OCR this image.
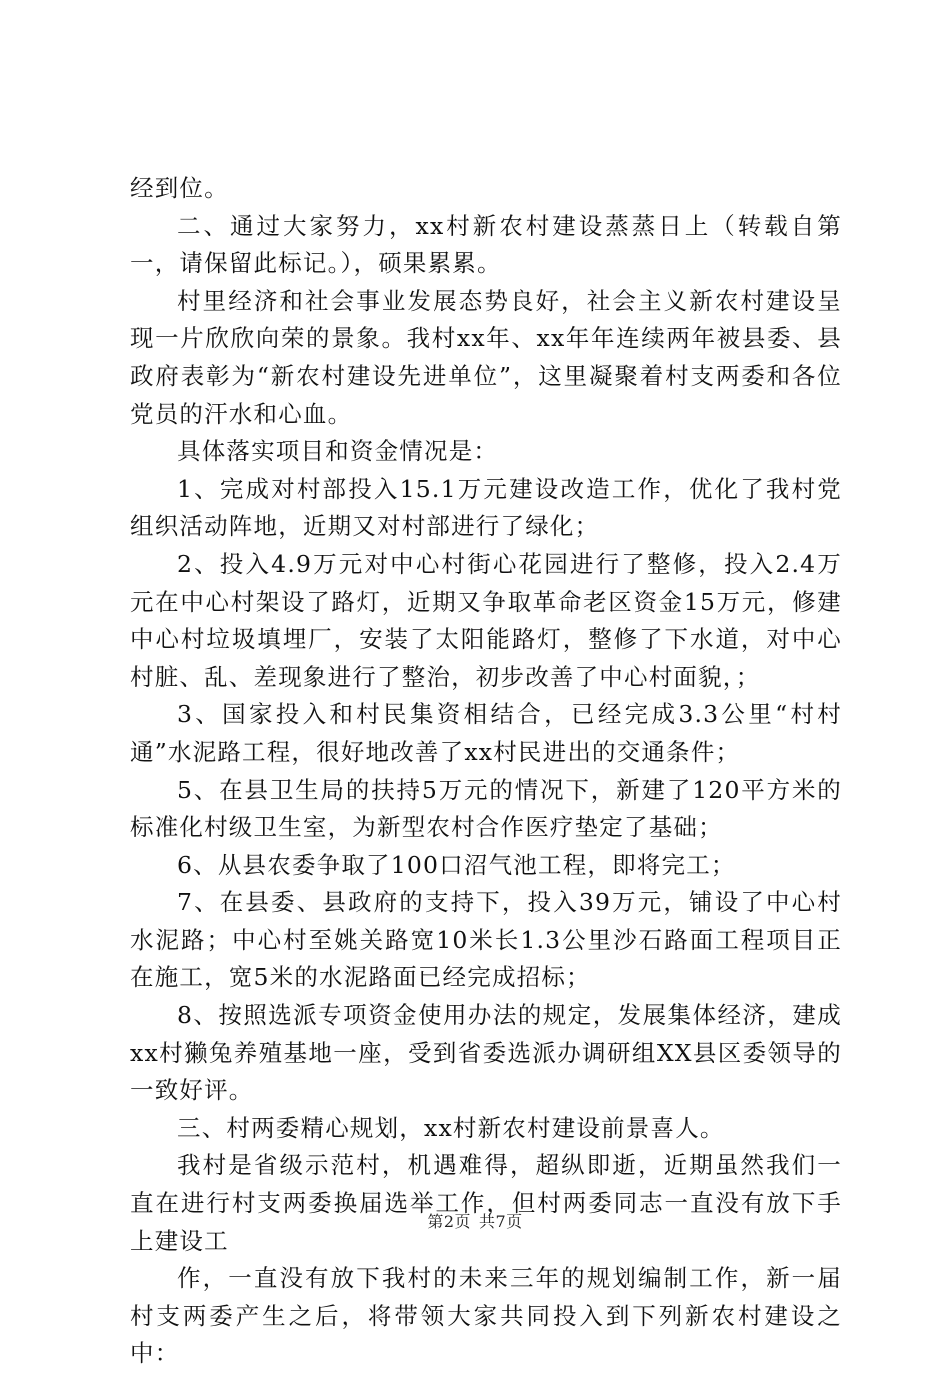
经到位。

二、通过大家努力，xx村新农村建设蒸蒸日上（转载自第一，请保留此标记。），硕果累累。

村里经济和社会事业发展态势良好，社会主义新农村建设呈现一片欣欣向荣的景象。我村xx年、xx年年连续两年被县委、县政府表彰为“新农村建设先进单位”，这里凝聚着村支两委和各位党员的汗水和心血。

具体落实项目和资金情况是：

1、完成对村部投入15.1万元建设改造工作，优化了我村党组织活动阵地，近期又对村部进行了绿化；

2、投入4.9万元对中心村街心花园进行了整修，投入2.4万元在中心村架设了路灯，近期又争取革命老区资金15万元，修建中心村垃圾填埋厂，安装了太阳能路灯，整修了下水道，对中心村脏、乱、差现象进行了整治，初步改善了中心村面貌，；

3、国家投入和村民集资相结合，已经完成3.3公里“村村通”水泥路工程，很好地改善了xx村民进出的交通条件；

5、在县卫生局的扶持5万元的情况下，新建了120平方米的标准化村级卫生室，为新型农村合作医疗垫定了基础；

6、从县农委争取了100口沼气池工程，即将完工；

7、在县委、县政府的支持下，投入39万元，铺设了中心村水泥路；中心村至姚关路宽10米长1.3公里沙石路面工程项目正在施工，宽5米的水泥路面已经完成招标；

8、按照选派专项资金使用办法的规定，发展集体经济，建成xx村獭兔养殖基地一座，受到省委选派办调研组XX县区委领导的一致好评。

三、村两委精心规划，xx村新农村建设前景喜人。

我村是省级示范村，机遇难得，超纵即逝，近期虽然我们一直在进行村支两委换届选举工作，但村两委同志一直没有放下手上建设工

作，一直没有放下我村的未来三年的规划编制工作，新一届村支两委产生之后，将带领大家共同投入到下列新农村建设之中：

第2页 共7页
